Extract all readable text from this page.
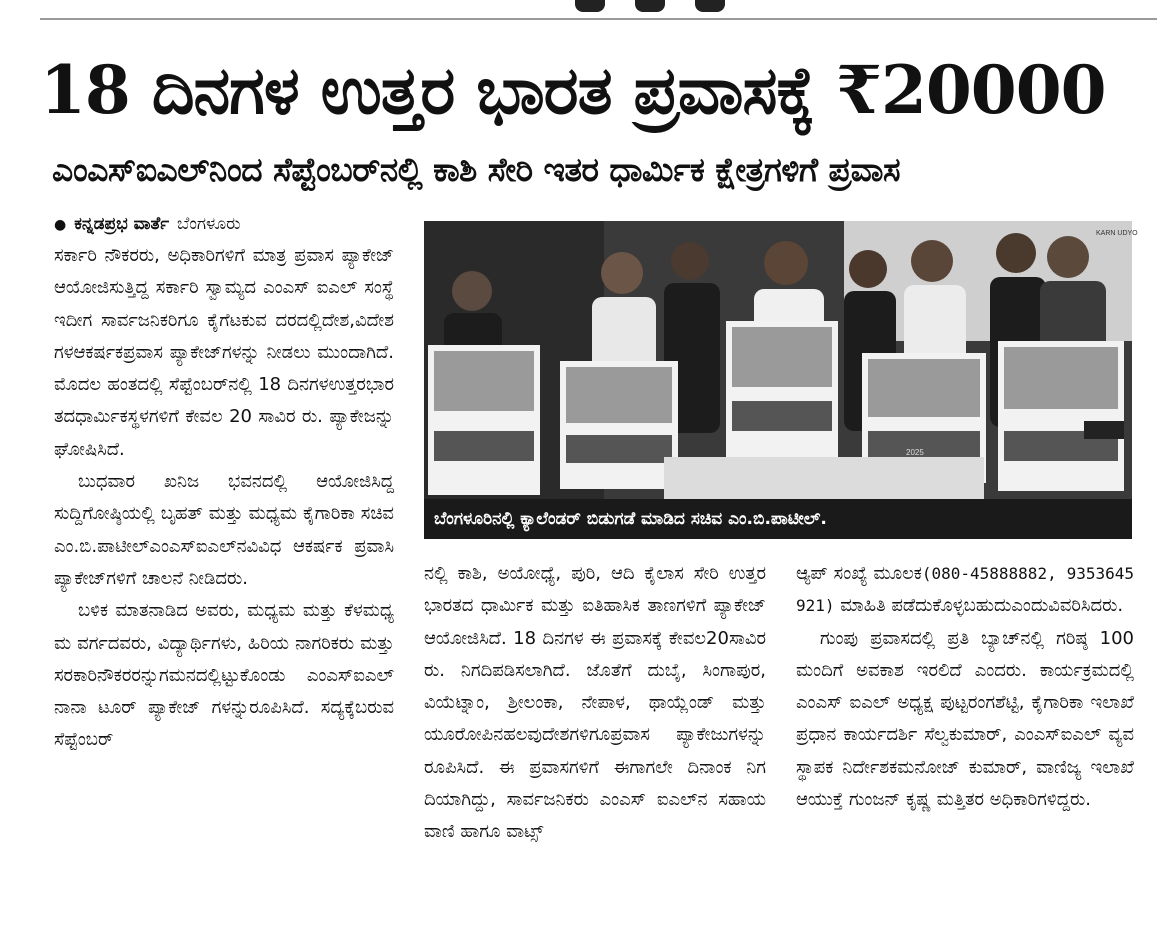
18 ದಿನಗಳ ಉತ್ತರ ಭಾರತ ಪ್ರವಾಸಕ್ಕೆ ₹20000
ಎಂಎಸ್‌ಐಎಲ್‌ನಿಂದ ಸೆಪ್ಟೆಂಬರ್‌ನಲ್ಲಿ ಕಾಶಿ ಸೇರಿ ಇತರ ಧಾರ್ಮಿಕ ಕ್ಷೇತ್ರಗಳಿಗೆ ಪ್ರವಾಸ
● ಕನ್ನಡಪ್ರಭ ವಾರ್ತೆ ಬೆಂಗಳೂರು

ಸರ್ಕಾರಿ ನೌಕರರು, ಅಧಿಕಾರಿಗಳಿಗೆ ಮಾತ್ರ ಪ್ರವಾಸ ಪ್ಯಾಕೇಜ್ ಆಯೋಜಿಸುತ್ತಿದ್ದ ಸರ್ಕಾರಿ ಸ್ವಾಮ್ಯದ ಎಂಎಸ್ ಐಎಲ್ ಸಂಸ್ಥೆ ಇದೀಗ ಸಾರ್ವಜನಿಕರಿಗೂ ಕೈಗೆಟಕುವ ದರದಲ್ಲಿದೇಶ,ವಿದೇಶಗಳಆಕರ್ಷಕಪ್ರವಾಸ ಪ್ಯಾಕೇಜ್‌ಗಳನ್ನು ನೀಡಲು ಮುಂದಾಗಿದೆ. ಮೊದಲ ಹಂತದಲ್ಲಿ ಸೆಪ್ಟೆಂಬರ್‌ನಲ್ಲಿ 18 ದಿನಗಳಉತ್ತರಭಾರತದಧಾರ್ಮಿಕಸ್ಥಳಗಳಿಗೆ ಕೇವಲ 20 ಸಾವಿರ ರು. ಪ್ಯಾಕೇಜನ್ನು ಘೋಷಿಸಿದೆ.

ಬುಧವಾರ ಖನಿಜ ಭವನದಲ್ಲಿ ಆಯೋಜಿಸಿದ್ದ ಸುದ್ದಿಗೋಷ್ಠಿಯಲ್ಲಿ ಬೃಹತ್ ಮತ್ತು ಮಧ್ಯಮ ಕೈಗಾರಿಕಾ ಸಚಿವ ಎಂ.ಬಿ.ಪಾಟೀಲ್‌ಎಂಎಸ್‌ಐಎಲ್‌ನವಿವಿಧ ಆಕರ್ಷಕ ಪ್ರವಾಸಿ ಪ್ಯಾಕೇಜ್‌ಗಳಿಗೆ ಚಾಲನೆ ನೀಡಿದರು.

ಬಳಿಕ ಮಾತನಾಡಿದ ಅವರು, ಮಧ್ಯಮ ಮತ್ತು ಕೆಳಮಧ್ಯಮ ವರ್ಗದವರು, ವಿದ್ಯಾರ್ಥಿಗಳು, ಹಿರಿಯ ನಾಗರಿಕರು ಮತ್ತು ಸರಕಾರಿನೌಕರರನ್ನುಗಮನದಲ್ಲಿಟ್ಟುಕೊಂಡು ಎಂಎಸ್‌ಐಎಲ್ ನಾನಾ ಟೂರ್ ಪ್ಯಾಕೇಜ್ ಗಳನ್ನುರೂಪಿಸಿದೆ. ಸದ್ಯಕ್ಕೆಬರುವಸೆಪ್ಟೆಂಬರ್

KARN UDYO
2025
ಬೆಂಗಳೂರಿನಲ್ಲಿ ಕ್ಯಾಲೆಂಡರ್ ಬಿಡುಗಡೆ ಮಾಡಿದ ಸಚಿವ ಎಂ.ಬಿ.ಪಾಟೀಲ್.

ನಲ್ಲಿ ಕಾಶಿ, ಅಯೋಧ್ಯೆ, ಪುರಿ, ಆದಿ ಕೈಲಾಸ ಸೇರಿ ಉತ್ತರ ಭಾರತದ ಧಾರ್ಮಿಕ ಮತ್ತು ಐತಿಹಾಸಿಕ ತಾಣಗಳಿಗೆ ಪ್ಯಾಕೇಜ್ ಆಯೋಜಿಸಿದೆ. 18 ದಿನಗಳ ಈ ಪ್ರವಾಸಕ್ಕೆ ಕೇವಲ20ಸಾವಿರರು. ನಿಗದಿಪಡಿಸಲಾಗಿದೆ. ಜೊತೆಗೆ ದುಬೈ, ಸಿಂಗಾಪುರ, ವಿಯೆಟ್ನಾಂ, ಶ್ರೀಲಂಕಾ, ನೇಪಾಳ, ಥಾಯ್ಲೆಂಡ್ ಮತ್ತು ಯೂರೋಪಿನಹಲವುದೇಶಗಳಿಗೂಪ್ರವಾಸ ಪ್ಯಾಕೇಜುಗಳನ್ನು ರೂಪಿಸಿದೆ. ಈ ಪ್ರವಾಸಗಳಿಗೆ ಈಗಾಗಲೇ ದಿನಾಂಕ ನಿಗದಿಯಾಗಿದ್ದು, ಸಾರ್ವಜನಿಕರು ಎಂಎಸ್ ಐಎಲ್‌ನ ಸಹಾಯವಾಣಿ ಹಾಗೂ ವಾಟ್ಸ್

ಆ್ಯಪ್ ಸಂಖ್ಯೆ ಮೂಲಕ(080-45888882, 9353645921) ಮಾಹಿತಿ ಪಡೆದುಕೊಳ್ಳಬಹುದುಎಂದುವಿವರಿಸಿದರು.

ಗುಂಪು ಪ್ರವಾಸದಲ್ಲಿ ಪ್ರತಿ ಬ್ಯಾಚ್‌ನಲ್ಲಿ ಗರಿಷ್ಠ 100 ಮಂದಿಗೆ ಅವಕಾಶ ಇರಲಿದೆ ಎಂದರು. ಕಾರ್ಯಕ್ರಮದಲ್ಲಿ ಎಂಎಸ್ ಐಎಲ್ ಅಧ್ಯಕ್ಷ ಪುಟ್ಟರಂಗಶೆಟ್ಟಿ, ಕೈಗಾರಿಕಾ ಇಲಾಖೆ ಪ್ರಧಾನ ಕಾರ್ಯದರ್ಶಿ ಸೆಲ್ವಕುಮಾರ್, ಎಂಎಸ್‌ಐಎಲ್‌ ವ್ಯವಸ್ಥಾಪಕ ನಿರ್ದೇಶಕಮನೋಜ್ ಕುಮಾರ್, ವಾಣಿಜ್ಯ ಇಲಾಖೆ ಆಯುಕ್ತೆ ಗುಂಜನ್ ಕೃಷ್ಣ ಮತ್ತಿತರ ಅಧಿಕಾರಿಗಳಿದ್ದರು.
